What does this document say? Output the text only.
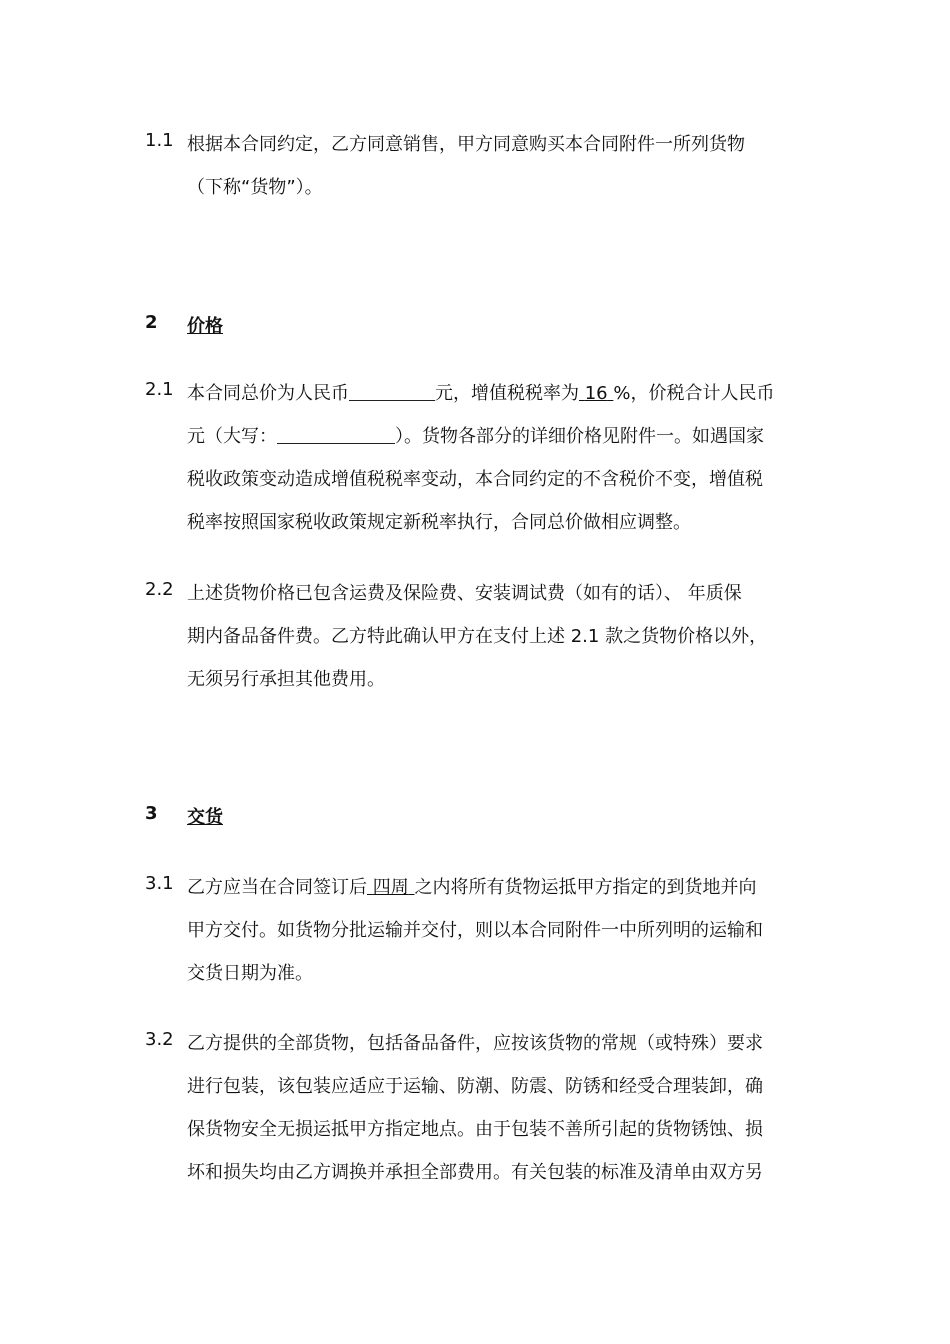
1.1 根据本合同约定，乙方同意销售，甲方同意购买本合同附件一所列货物
（下称“货物”）。
2 价格
2.1 本合同总价为人民币	元，增值税税率为 16 %，价税合计人民币
元（大写：	）。货物各部分的详细价格见附件一。如遇国家
税收政策变动造成增值税税率变动，本合同约定的不含税价不变，增值税
税率按照国家税收政策规定新税率执行，合同总价做相应调整。
2.2 上述货物价格已包含运费及保险费、安装调试费（如有的话）、 年质保
期内备品备件费。乙方特此确认甲方在支付上述 2.1 款之货物价格以外，
无须另行承担其他费用。
3 交货
3.1 乙方应当在合同签订后 四周 之内将所有货物运抵甲方指定的到货地并向
甲方交付。如货物分批运输并交付，则以本合同附件一中所列明的运输和
交货日期为准。
3.2 乙方提供的全部货物，包括备品备件，应按该货物的常规（或特殊）要求
进行包装，该包装应适应于运输、防潮、防震、防锈和经受合理装卸，确
保货物安全无损运抵甲方指定地点。由于包装不善所引起的货物锈蚀、损
坏和损失均由乙方调换并承担全部费用。有关包装的标准及清单由双方另
